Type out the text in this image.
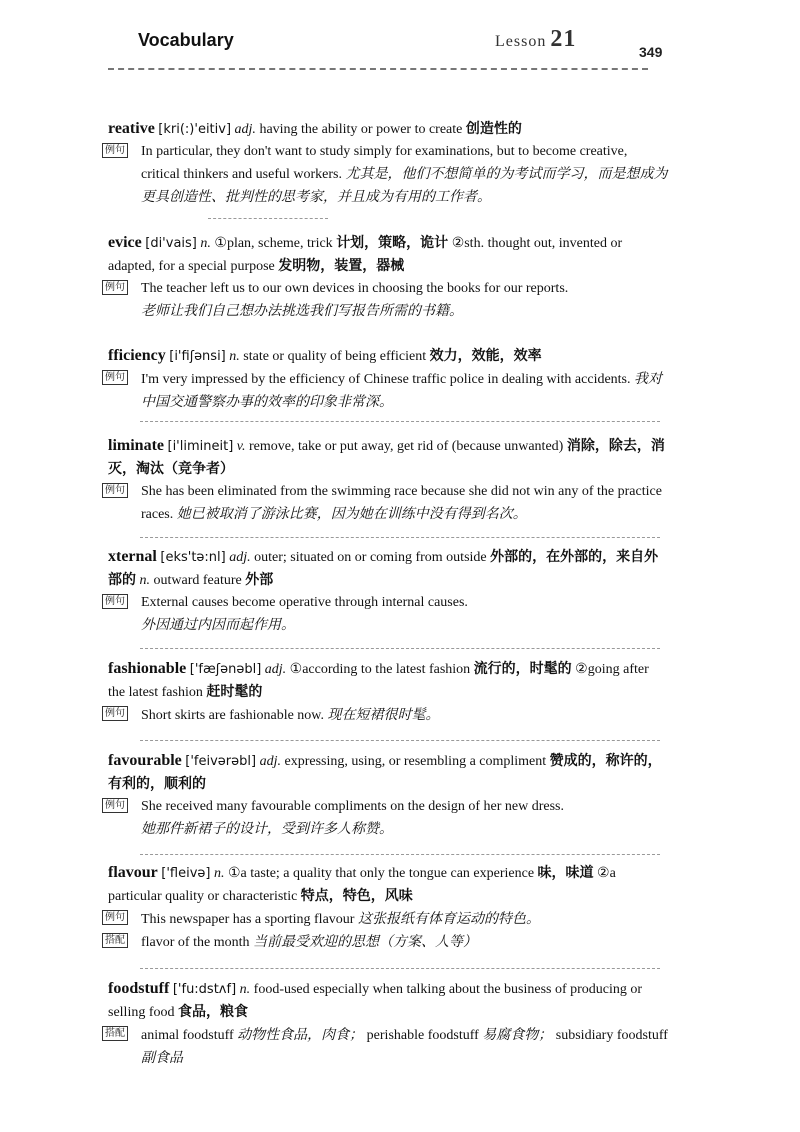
Vocabulary	Lesson 21	349

reative [kri(:)'eitiv] adj. having the ability or power to create 创造性的

例句 In particular, they don't want to study simply for examinations, but to become creative, critical thinkers and useful workers. 尤其是，他们不想简单的为考试而学习，而是想成为更具创造性、批判性的思考家，并且成为有用的工作者。

evice [di'vais] n. ①plan, scheme, trick 计划，策略，诡计 ②sth. thought out, invented or adapted, for a special purpose 发明物，装置，器械

例句 The teacher left us to our own devices in choosing the books for our reports.
老师让我们自己想办法挑选我们写报告所需的书籍。

fficiency [i'fiʃənsi] n. state or quality of being efficient 效力，效能，效率

例句 I'm very impressed by the efficiency of Chinese traffic police in dealing with accidents. 我对中国交通警察办事的效率的印象非常深。

liminate [i'limineit] v. remove, take or put away, get rid of (because unwanted) 消除，除去，消灭，淘汰（竞争者）

例句 She has been eliminated from the swimming race because she did not win any of the practice races. 她已被取消了游泳比赛，因为她在训练中没有得到名次。

xternal [eks'tə:nl] adj. outer; situated on or coming from outside 外部的，在外部的，来自外部的 n. outward feature 外部

例句 External causes become operative through internal causes.
外因通过内因而起作用。

fashionable ['fæʃənəbl] adj. ①according to the latest fashion 流行的，时髦的 ②going after the latest fashion 赶时髦的

例句 Short skirts are fashionable now. 现在短裙很时髦。

favourable ['feivərəbl] adj. expressing, using, or resembling a compliment 赞成的，称许的，有利的，顺利的

例句 She received many favourable compliments on the design of her new dress.
她那件新裙子的设计，受到许多人称赞。

flavour ['fleivə] n. ①a taste; a quality that only the tongue can experience 味，味道 ②a particular quality or characteristic 特点，特色，风味

例句 This newspaper has a sporting flavour 这张报纸有体育运动的特色。

搭配 flavor of the month 当前最受欢迎的思想（方案、人等）

foodstuff ['fu:dstʌf] n. food-used especially when talking about the business of producing or selling food 食品，粮食

搭配 animal foodstuff 动物性食品，肉食； perishable foodstuff 易腐食物； subsidiary foodstuff 副食品
